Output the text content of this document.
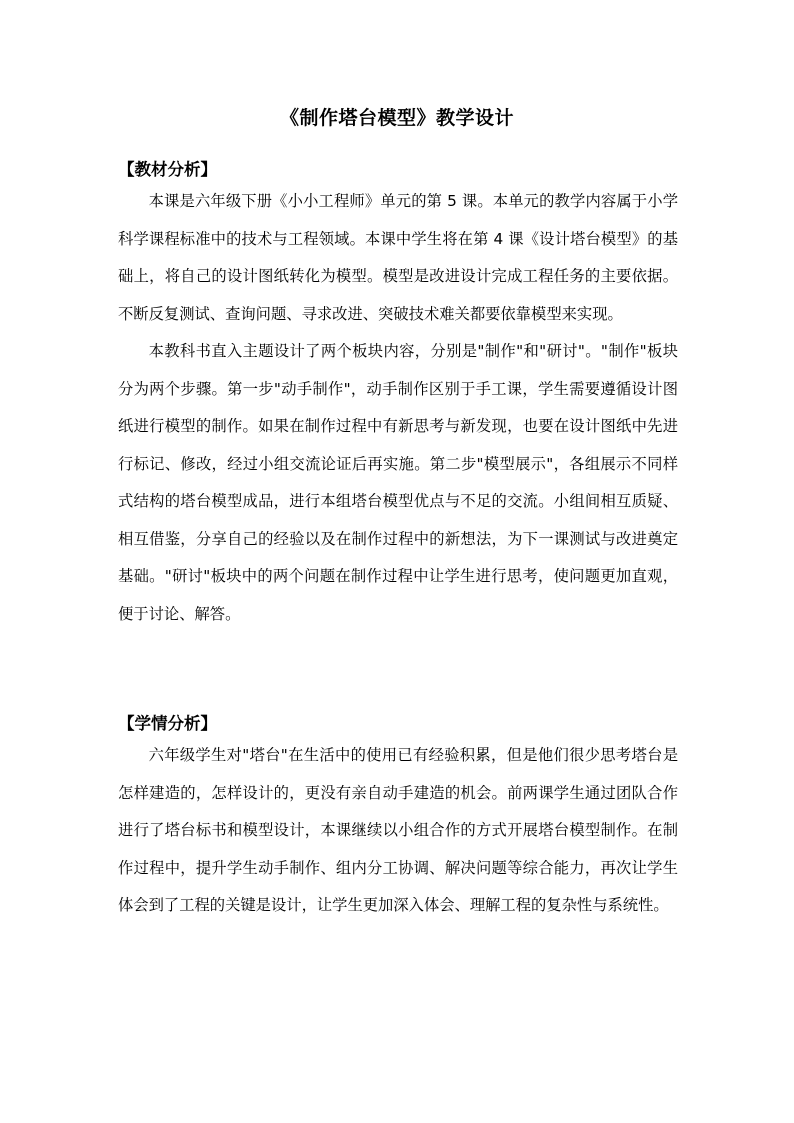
《制作塔台模型》教学设计
【教材分析】

本课是六年级下册《小小工程师》单元的第 5 课。本单元的教学内容属于小学科学课程标准中的技术与工程领域。本课中学生将在第 4 课《设计塔台模型》的基础上，将自己的设计图纸转化为模型。模型是改进设计完成工程任务的主要依据。不断反复测试、查询问题、寻求改进、突破技术难关都要依靠模型来实现。

本教科书直入主题设计了两个板块内容，分别是"制作"和"研讨"。"制作"板块分为两个步骤。第一步"动手制作"，动手制作区别于手工课，学生需要遵循设计图纸进行模型的制作。如果在制作过程中有新思考与新发现，也要在设计图纸中先进行标记、修改，经过小组交流论证后再实施。第二步"模型展示"，各组展示不同样式结构的塔台模型成品，进行本组塔台模型优点与不足的交流。小组间相互质疑、相互借鉴，分享自己的经验以及在制作过程中的新想法，为下一课测试与改进奠定基础。"研讨"板块中的两个问题在制作过程中让学生进行思考，使问题更加直观，便于讨论、解答。

【学情分析】

六年级学生对"塔台"在生活中的使用已有经验积累，但是他们很少思考塔台是怎样建造的，怎样设计的，更没有亲自动手建造的机会。前两课学生通过团队合作进行了塔台标书和模型设计，本课继续以小组合作的方式开展塔台模型制作。在制作过程中，提升学生动手制作、组内分工协调、解决问题等综合能力，再次让学生体会到了工程的关键是设计，让学生更加深入体会、理解工程的复杂性与系统性。
